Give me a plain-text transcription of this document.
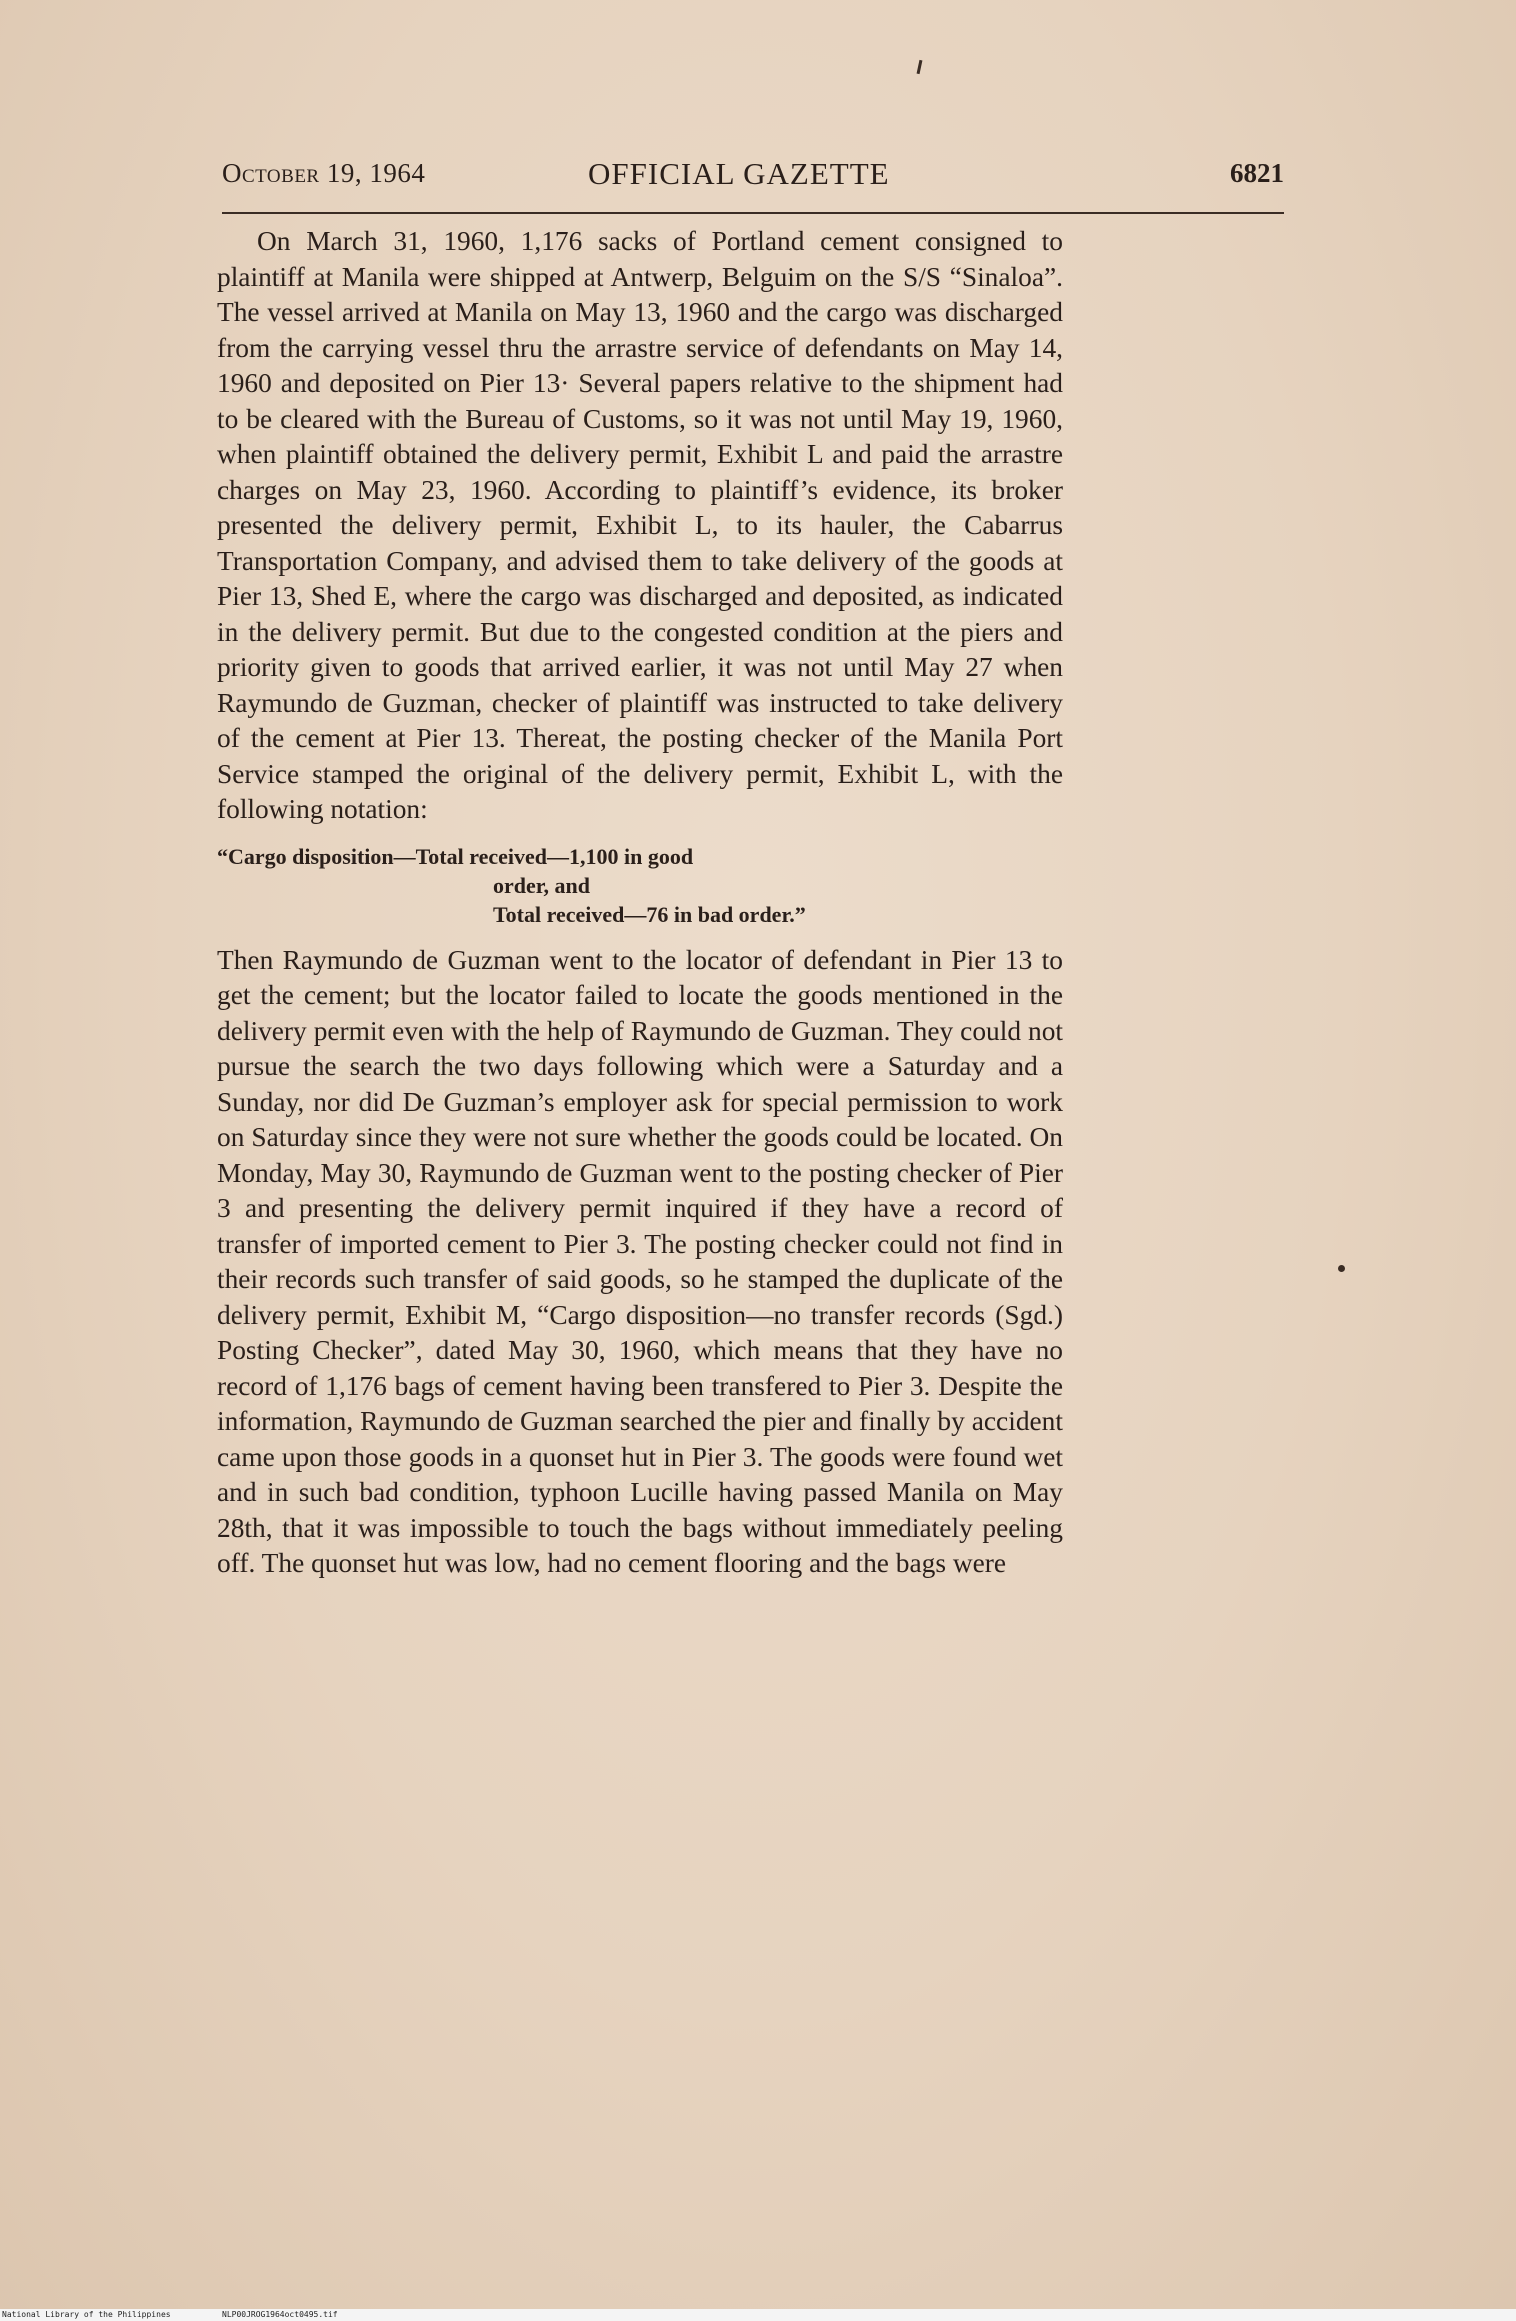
October 19, 1964	OFFICIAL GAZETTE	6821

On March 31, 1960, 1,176 sacks of Portland cement consigned to plaintiff at Manila were shipped at Antwerp, Belguim on the S/S “Sinaloa”. The vessel arrived at Manila on May 13, 1960 and the cargo was discharged from the carrying vessel thru the arrastre service of defendants on May 14, 1960 and deposited on Pier 13· Several papers relative to the shipment had to be cleared with the Bureau of Customs, so it was not until May 19, 1960, when plaintiff obtained the delivery permit, Exhibit L and paid the arrastre charges on May 23, 1960. According to plaintiff’s evidence, its broker presented the delivery permit, Exhibit L, to its hauler, the Cabarrus Transportation Company, and advised them to take delivery of the goods at Pier 13, Shed E, where the cargo was discharged and deposited, as indicated in the delivery permit. But due to the congested condition at the piers and priority given to goods that arrived earlier, it was not until May 27 when Raymundo de Guzman, checker of plaintiff was instructed to take delivery of the cement at Pier 13. Thereat, the posting checker of the Manila Port Service stamped the original of the delivery permit, Exhibit L, with the following notation:

“Cargo disposition—Total received—1,100 in good
order, and
Total received—76 in bad order.”

Then Raymundo de Guzman went to the locator of defendant in Pier 13 to get the cement; but the locator failed to locate the goods mentioned in the delivery permit even with the help of Raymundo de Guzman. They could not pursue the search the two days following which were a Saturday and a Sunday, nor did De Guzman’s employer ask for special permission to work on Saturday since they were not sure whether the goods could be located. On Monday, May 30, Raymundo de Guzman went to the posting checker of Pier 3 and presenting the delivery permit inquired if they have a record of transfer of imported cement to Pier 3. The posting checker could not find in their records such transfer of said goods, so he stamped the duplicate of the delivery permit, Exhibit M, “Cargo disposition—no transfer records (Sgd.) Posting Checker”, dated May 30, 1960, which means that they have no record of 1,176 bags of cement having been transfered to Pier 3. Despite the information, Raymundo de Guzman searched the pier and finally by accident came upon those goods in a quonset hut in Pier 3. The goods were found wet and in such bad condition, typhoon Lucille having passed Manila on May 28th, that it was impossible to touch the bags without immediately peeling off. The quonset hut was low, had no cement flooring and the bags were

National Library of the Philippines	NLP00JROG1964oct0495.tif
